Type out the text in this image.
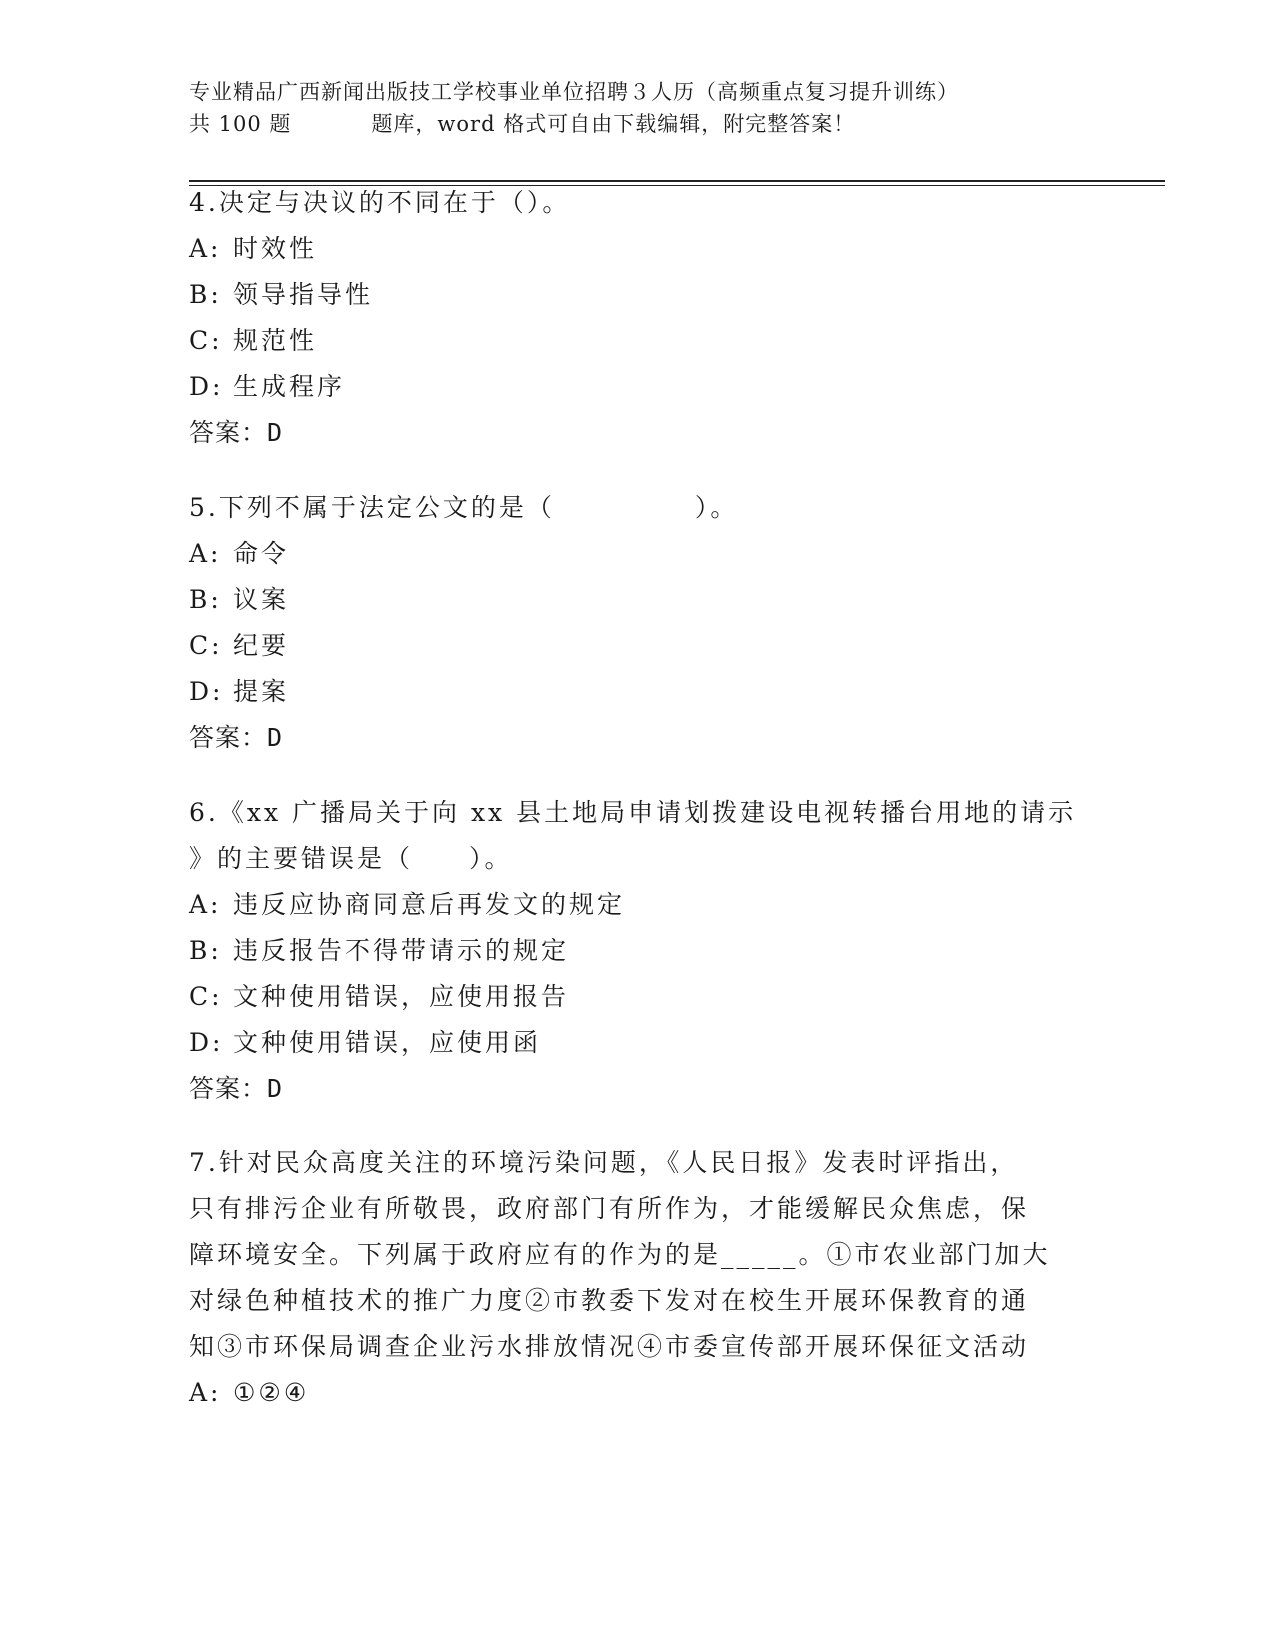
专业精品广西新闻出版技工学校事业单位招聘３人历（高频重点复习提升训练）
共 100 题	题库，word 格式可自由下载编辑，附完整答案！
4.决定与决议的不同在于（）。
A: 时效性
B: 领导指导性
C: 规范性
D: 生成程序
答案：D
5.下列不属于法定公文的是（　　　　　）。
A: 命令
B: 议案
C: 纪要
D: 提案
答案：D
6.《xx 广播局关于向 xx 县土地局申请划拨建设电视转播台用地的请示
》的主要错误是（　　）。
A: 违反应协商同意后再发文的规定
B: 违反报告不得带请示的规定
C: 文种使用错误，应使用报告
D: 文种使用错误，应使用函
答案：D
7.针对民众高度关注的环境污染问题，《人民日报》发表时评指出，
只有排污企业有所敬畏，政府部门有所作为，才能缓解民众焦虑，保
障环境安全。下列属于政府应有的作为的是_____。①市农业部门加大
对绿色种植技术的推广力度②市教委下发对在校生开展环保教育的通
知③市环保局调查企业污水排放情况④市委宣传部开展环保征文活动
A: ①②④
